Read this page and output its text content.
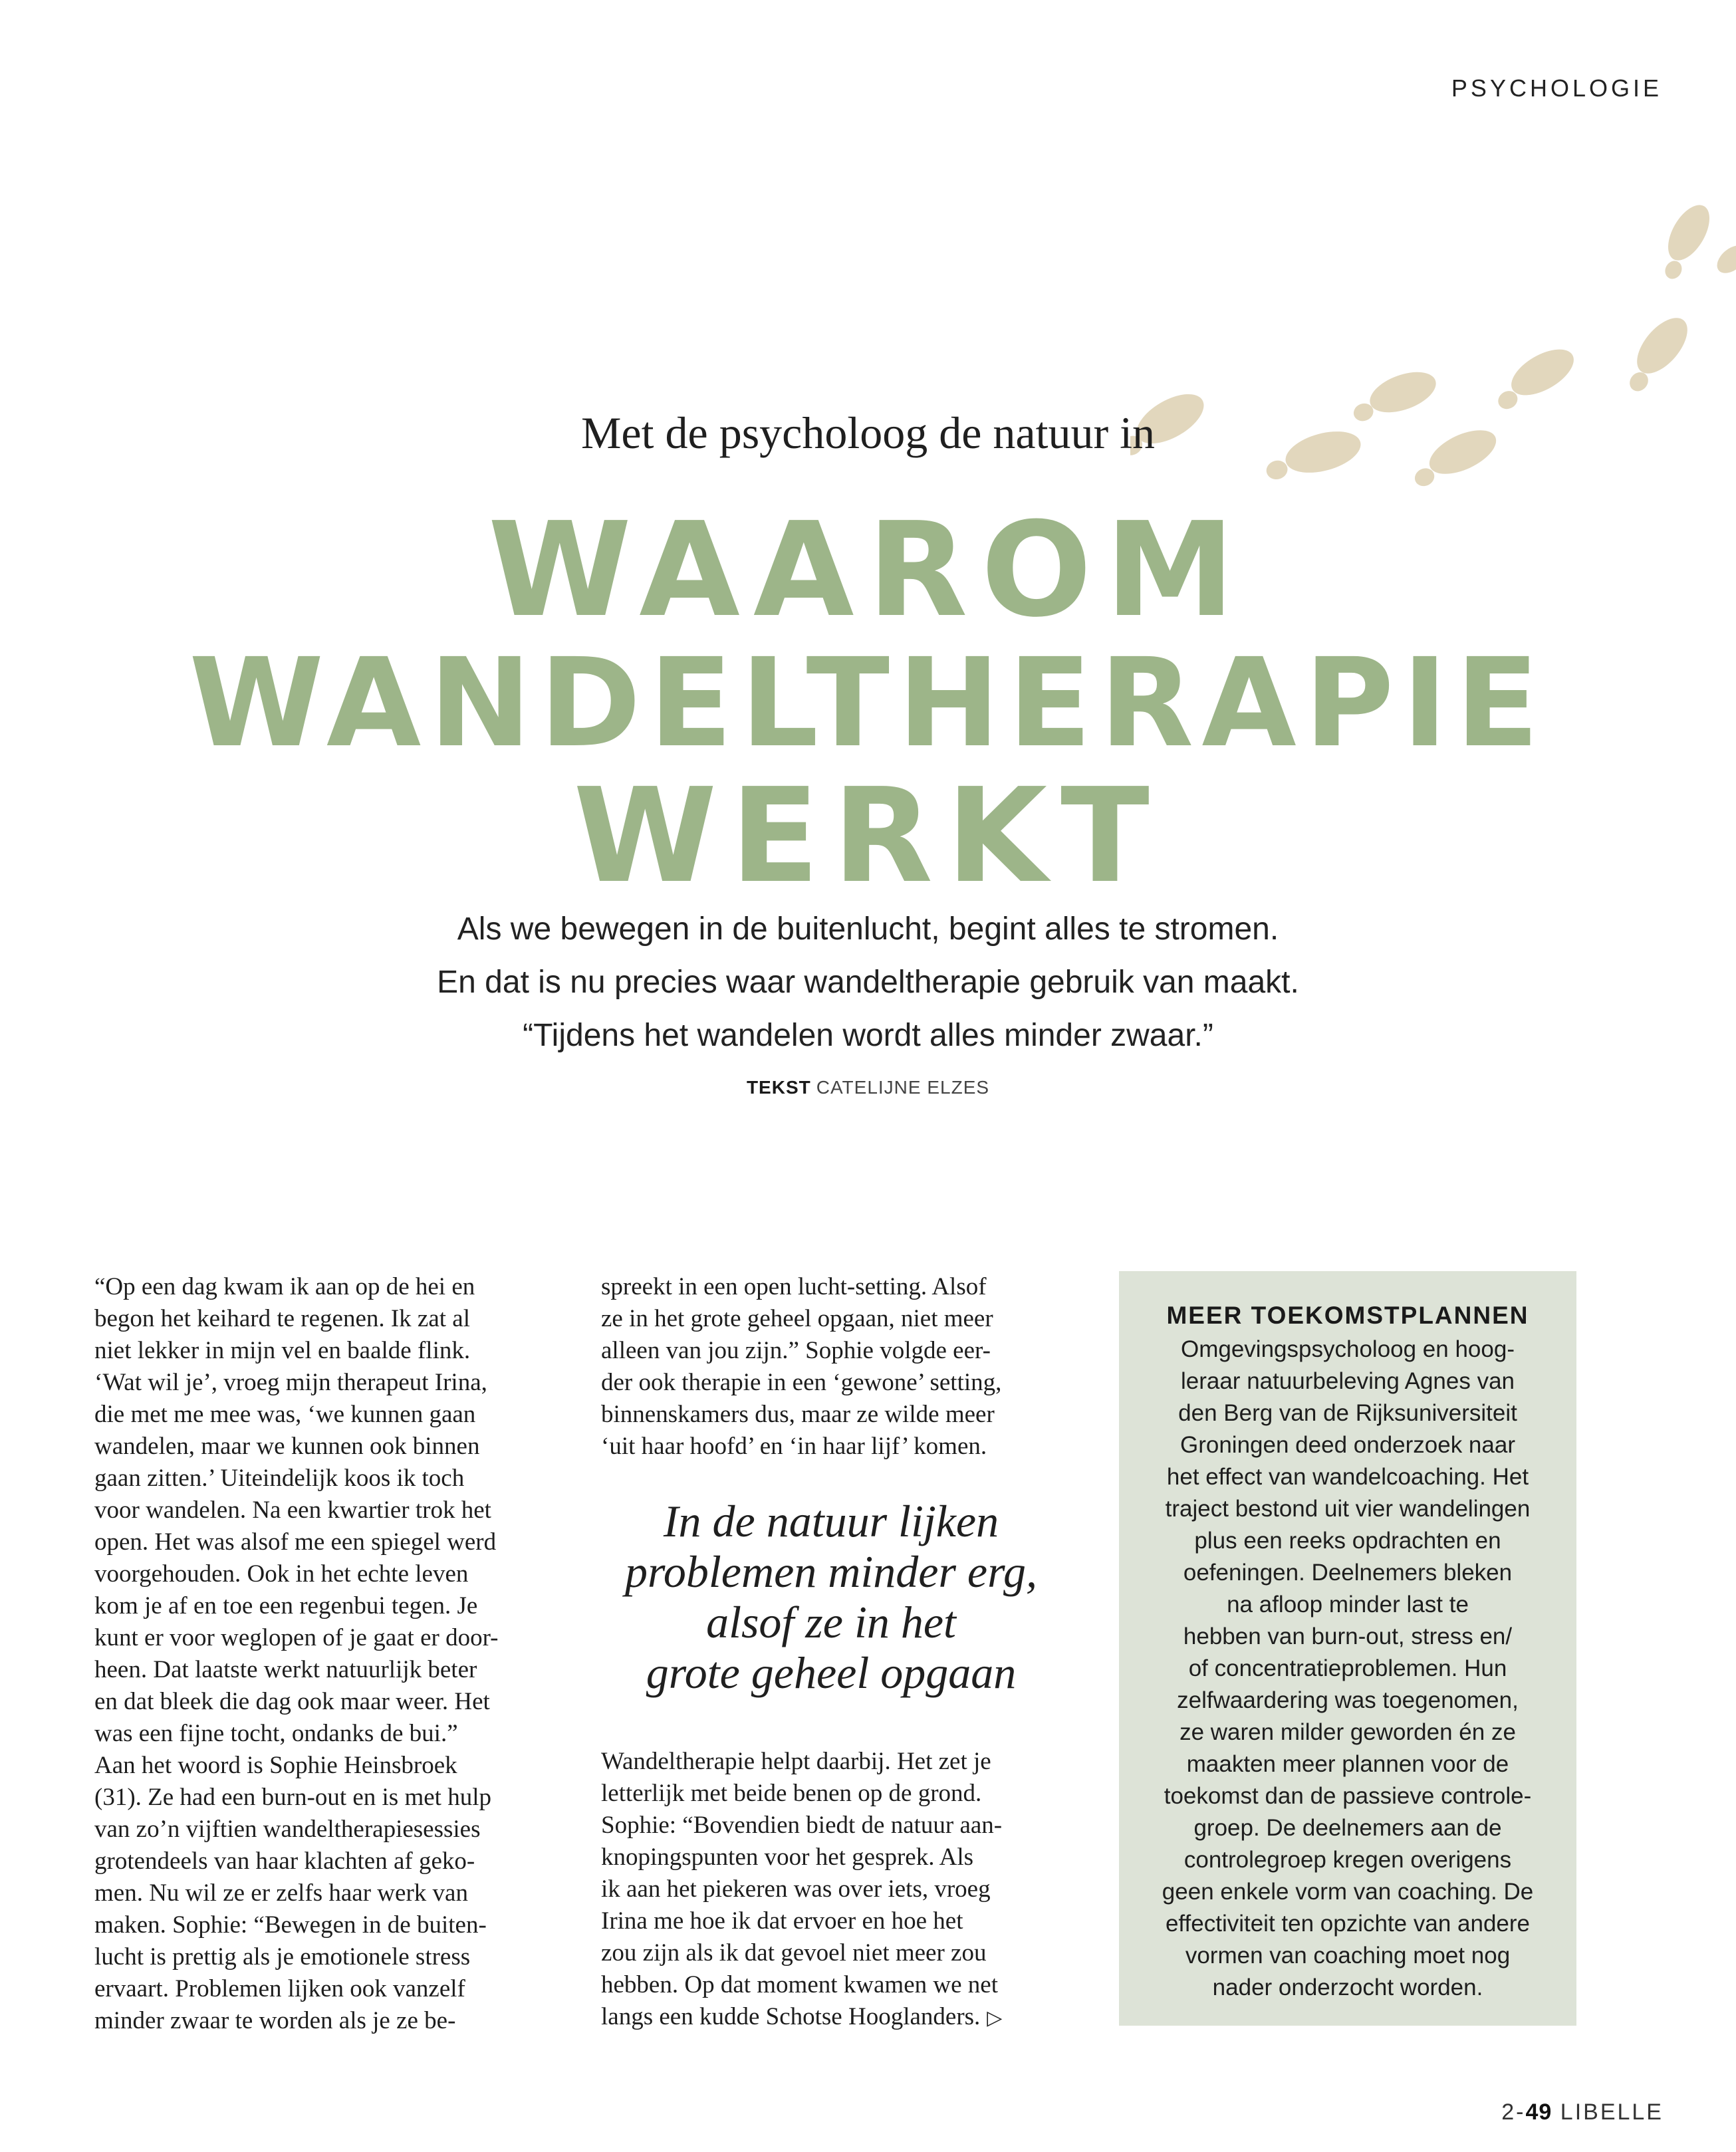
PSYCHOLOGIE
Met de psycholoog de natuur in
WAAROM
WANDELTHERAPIE
WERKT
Als we bewegen in de buitenlucht, begint alles te stromen.
En dat is nu precies waar wandeltherapie gebruik van maakt.
“Tijdens het wandelen wordt alles minder zwaar.”
TEKST CATELIJNE ELZES
“Op een dag kwam ik aan op de hei en
begon het keihard te regenen. Ik zat al
niet lekker in mijn vel en baalde flink.
‘Wat wil je’, vroeg mijn therapeut Irina,
die met me mee was, ‘we kunnen gaan
wandelen, maar we kunnen ook binnen
gaan zitten.’ Uiteindelijk koos ik toch
voor wandelen. Na een kwartier trok het
open. Het was alsof me een spiegel werd
voorgehouden. Ook in het echte leven
kom je af en toe een regenbui tegen. Je
kunt er voor weglopen of je gaat er door-
heen. Dat laatste werkt natuurlijk beter
en dat bleek die dag ook maar weer. Het
was een fijne tocht, ondanks de bui.”
Aan het woord is Sophie Heinsbroek
(31). Ze had een burn-out en is met hulp
van zo’n vijftien wandeltherapiesessies
grotendeels van haar klachten af geko-
men. Nu wil ze er zelfs haar werk van
maken. Sophie: “Bewegen in de buiten-
lucht is prettig als je emotionele stress
ervaart. Problemen lijken ook vanzelf
minder zwaar te worden als je ze be-
spreekt in een open lucht-setting. Alsof
ze in het grote geheel opgaan, niet meer
alleen van jou zijn.” Sophie volgde eer-
der ook therapie in een ‘gewone’ setting,
binnenskamers dus, maar ze wilde meer
‘uit haar hoofd’ en ‘in haar lijf’ komen.
In de natuur lijken
problemen minder erg,
alsof ze in het
grote geheel opgaan
Wandeltherapie helpt daarbij. Het zet je
letterlijk met beide benen op de grond.
Sophie: “Bovendien biedt de natuur aan-
knopingspunten voor het gesprek. Als
ik aan het piekeren was over iets, vroeg
Irina me hoe ik dat ervoer en hoe het
zou zijn als ik dat gevoel niet meer zou
hebben. Op dat moment kwamen we net
langs een kudde Schotse Hooglanders. ▷
MEER TOEKOMSTPLANNEN
Omgevingspsycholoog en hoog-
leraar natuurbeleving Agnes van
den Berg van de Rijksuniversiteit
Groningen deed onderzoek naar
het effect van wandelcoaching. Het
traject bestond uit vier wandelingen
plus een reeks opdrachten en
oefeningen. Deelnemers bleken
na afloop minder last te
hebben van burn-out, stress en/
of concentratieproblemen. Hun
zelfwaardering was toegenomen,
ze waren milder geworden én ze
maakten meer plannen voor de
toekomst dan de passieve controle-
groep. De deelnemers aan de
controlegroep kregen overigens
geen enkele vorm van coaching. De
effectiviteit ten opzichte van andere
vormen van coaching moet nog
nader onderzocht worden.
2-49 LIBELLE
